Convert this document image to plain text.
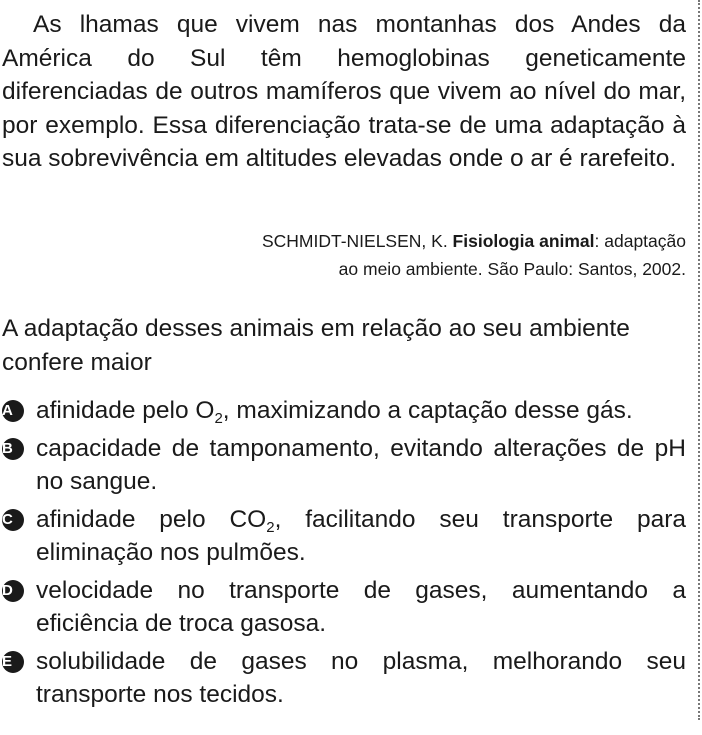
As lhamas que vivem nas montanhas dos Andes da América do Sul têm hemoglobinas geneticamente diferenciadas de outros mamíferos que vivem ao nível do mar, por exemplo. Essa diferenciação trata-se de uma adaptação à sua sobrevivência em altitudes elevadas onde o ar é rarefeito.

SCHMIDT-NIELSEN, K. Fisiologia animal: adaptação
ao meio ambiente. São Paulo: Santos, 2002.

A adaptação desses animais em relação ao seu ambiente confere maior

A afinidade pelo $O_2$, maximizando a captação desse gás.
B capacidade de tamponamento, evitando alterações de pH no sangue.
C afinidade pelo $CO_2$, facilitando seu transporte para eliminação nos pulmões.
D velocidade no transporte de gases, aumentando a eficiência de troca gasosa.
E solubilidade de gases no plasma, melhorando seu transporte nos tecidos.
